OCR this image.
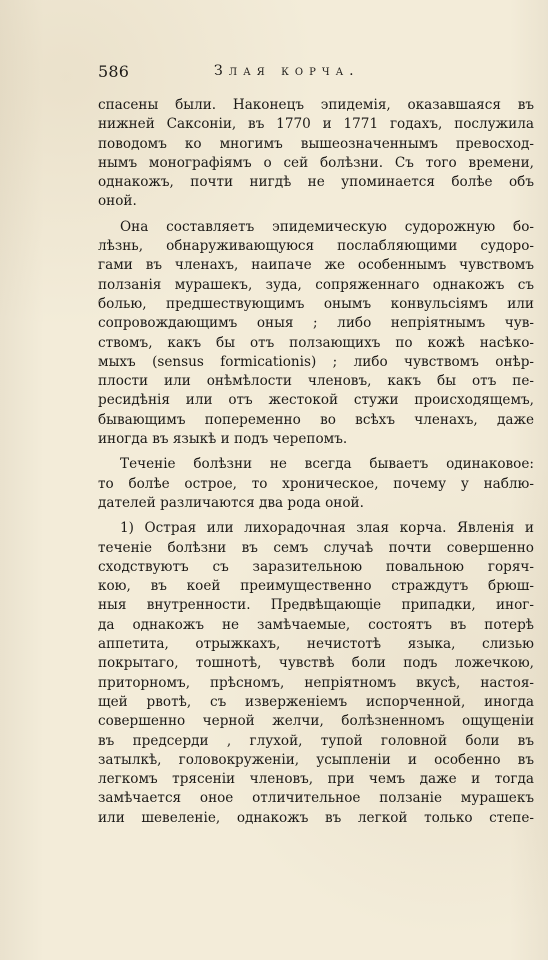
586	Злая корча.
спасены были. Наконецъ эпидемія, оказавшаяся въ
нижней Саксоніи, въ 1770 и 1771 годахъ, послужила
поводомъ ко многимъ вышеозначеннымъ превосход-
нымъ монографіямъ о сей болѣзни. Съ того времени,
однакожъ, почти нигдѣ не упоминается болѣе объ
оной.
Она составляетъ эпидемическую судорожную бо-
лѣзнь, обнаруживающуюся послабляющими судоро-
гами въ членахъ, наипаче же особеннымъ чувствомъ
ползанія мурашекъ, зуда, сопряженнаго однакожъ съ
болью, предшествующимъ онымъ конвульсіямъ или
сопровождающимъ оныя ; либо непріятнымъ чув-
ствомъ, какъ бы отъ ползающихъ по кожѣ насѣко-
мыхъ (sensus formicationis) ; либо чувствомъ онѣр-
плости или онѣмѣлости членовъ, какъ бы отъ пе-
ресидѣнія или отъ жестокой стужи происходящемъ,
бывающимъ попеременно во всѣхъ членахъ, даже
иногда въ языкѣ и подъ черепомъ.
Теченіе болѣзни не всегда бываетъ одинаковое:
то болѣе острое, то хроническое, почему у наблю-
дателей различаются два рода оной.
1) Острая или лихорадочная злая корча. Явленія и
теченіе болѣзни въ семъ случаѣ почти совершенно
сходствуютъ съ заразительною повальною горяч-
кою, въ коей преимущественно страждутъ брюш-
ныя внутренности. Предвѣщающіе припадки, иног-
да однакожъ не замѣчаемые, состоятъ въ потерѣ
аппетита, отрыжкахъ, нечистотѣ языка, слизью
покрытаго, тошнотѣ, чувствѣ боли подъ ложечкою,
приторномъ, прѣсномъ, непріятномъ вкусѣ, настоя-
щей рвотѣ, съ изверженіемъ испорченной, иногда
совершенно черной желчи, болѣзненномъ ощущеніи
въ предсерди , глухой, тупой головной боли въ
затылкѣ, головокруженіи, усыпленіи и особенно въ
легкомъ трясеніи членовъ, при чемъ даже и тогда
замѣчается оное отличительное ползаніе мурашекъ
или шевеленіе, однакожъ въ легкой только степе-
